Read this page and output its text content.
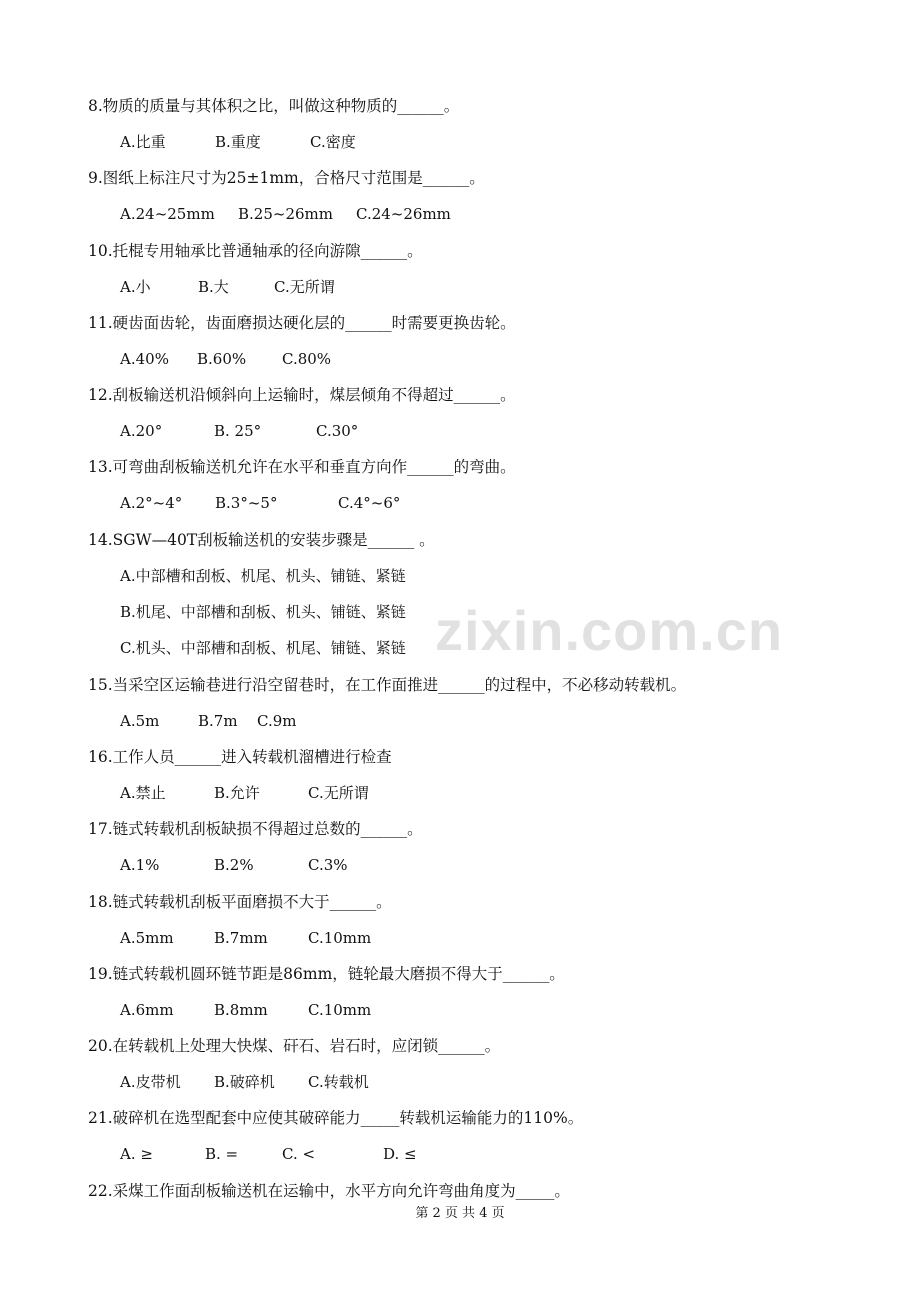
8.物质的质量与其体积之比，叫做这种物质的______。
A.比重	B.重度	C.密度
9.图纸上标注尺寸为25±1mm，合格尺寸范围是______。
A.24~25mm B.25~26mm C.24~26mm
10.托棍专用轴承比普通轴承的径向游隙______。
A.小	B.大	C.无所谓
11.硬齿面齿轮，齿面磨损达硬化层的______时需要更换齿轮。
A.40% B.60% C.80%
12.刮板输送机沿倾斜向上运输时，煤层倾角不得超过______。
A.20°	B. 25°	C.30°
13.可弯曲刮板输送机允许在水平和垂直方向作______的弯曲。
A.2°~4° B.3°~5°	C.4°~6°
14.SGW—40T刮板输送机的安装步骤是______ 。
A.中部槽和刮板、机尾、机头、铺链、紧链
B.机尾、中部槽和刮板、机头、铺链、紧链
C.机头、中部槽和刮板、机尾、铺链、紧链
15.当采空区运输巷进行沿空留巷时，在工作面推进______的过程中，不必移动转载机。
A.5m	B.7m C.9m
16.工作人员______进入转载机溜槽进行检查
A.禁止	B.允许	C.无所谓
17.链式转载机刮板缺损不得超过总数的______。
A.1%	B.2%	C.3%
18.链式转载机刮板平面磨损不大于______。
A.5mm	B.7mm	C.10mm
19.链式转载机圆环链节距是86mm，链轮最大磨损不得大于______。
A.6mm	B.8mm	C.10mm
20.在转载机上处理大快煤、矸石、岩石时，应闭锁______。
A.皮带机 B.破碎机 C.转载机
21.破碎机在选型配套中应使其破碎能力_____转载机运输能力的110%。
A. ≥	B. =	C. <	D. ≤
22.采煤工作面刮板输送机在运输中，水平方向允许弯曲角度为_____。
zixin.com.cn
第 2 页 共 4 页
